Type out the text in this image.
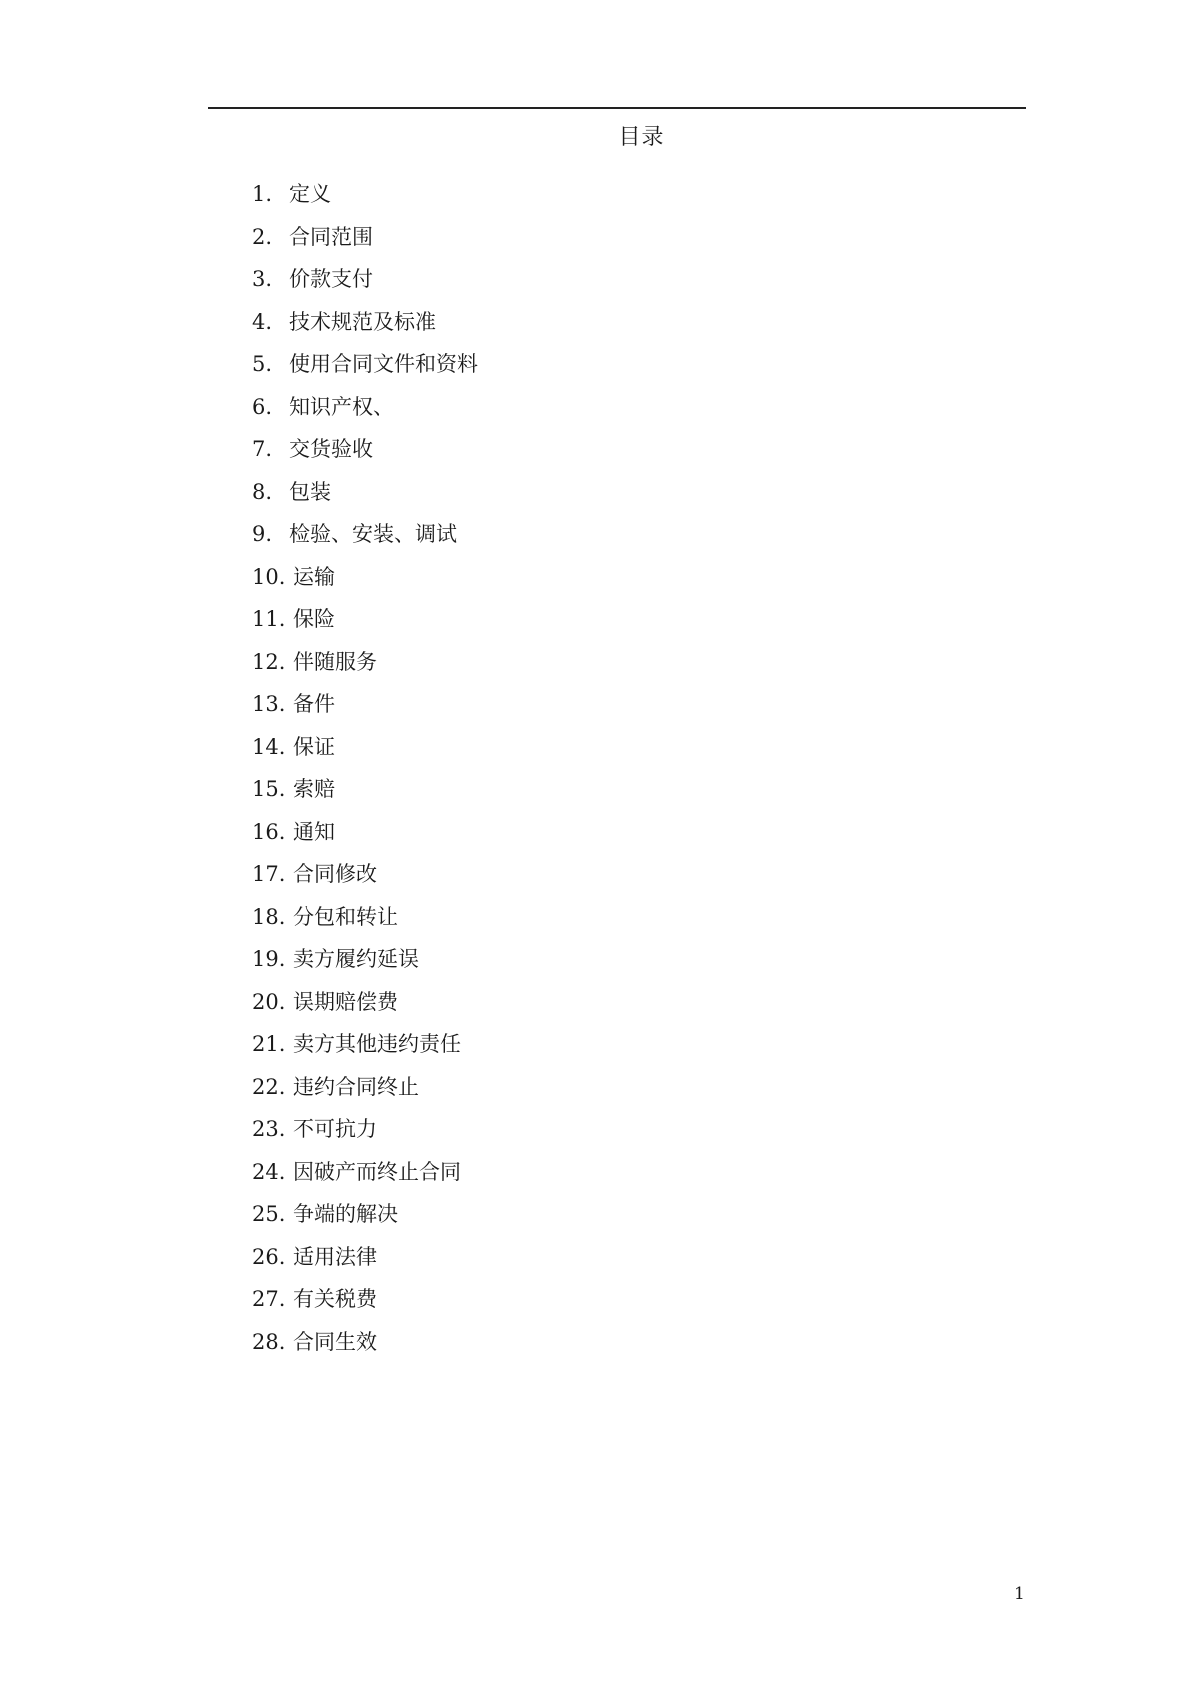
目录
1. 定义
2. 合同范围
3. 价款支付
4. 技术规范及标准
5. 使用合同文件和资料
6. 知识产权、
7. 交货验收
8. 包装
9. 检验、安装、调试
10. 运输
11. 保险
12. 伴随服务
13. 备件
14. 保证
15. 索赔
16. 通知
17. 合同修改
18. 分包和转让
19. 卖方履约延误
20. 误期赔偿费
21. 卖方其他违约责任
22. 违约合同终止
23. 不可抗力
24. 因破产而终止合同
25. 争端的解决
26. 适用法律
27. 有关税费
28. 合同生效
1
